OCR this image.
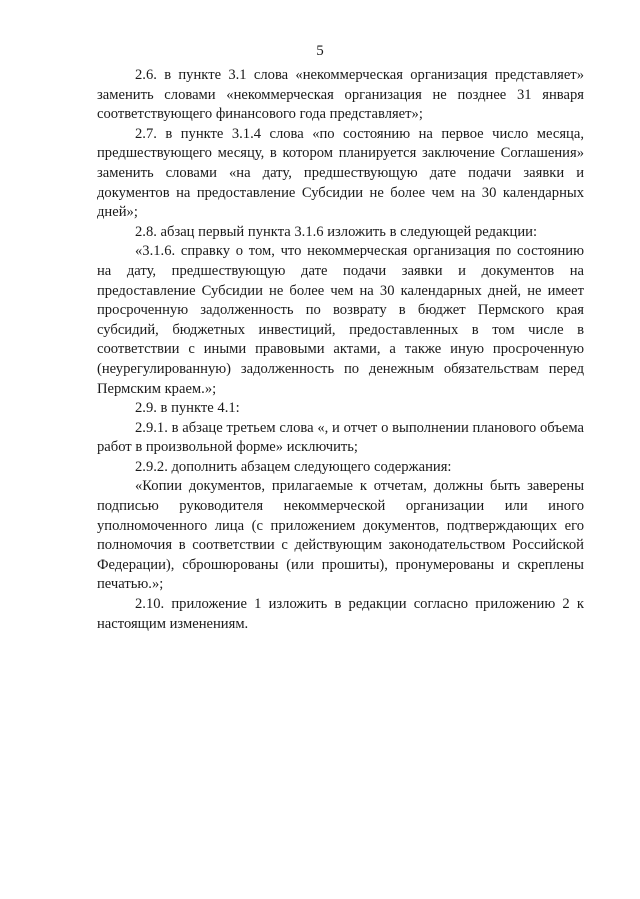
5

2.6. в пункте 3.1 слова «некоммерческая организация представляет» заменить словами «некоммерческая организация не позднее 31 января соответствующего финансового года представляет»;

2.7. в пункте 3.1.4 слова «по состоянию на первое число месяца, предшествующего месяцу, в котором планируется заключение Соглашения» заменить словами «на дату, предшествующую дате подачи заявки и документов на предоставление Субсидии не более чем на 30 календарных дней»;

2.8. абзац первый пункта 3.1.6 изложить в следующей редакции:

«3.1.6. справку о том, что некоммерческая организация по состоянию на дату, предшествующую дате подачи заявки и документов на предоставление Субсидии не более чем на 30 календарных дней, не имеет просроченную задолженность по возврату в бюджет Пермского края субсидий, бюджетных инвестиций, предоставленных в том числе в соответствии с иными правовыми актами, а также иную просроченную (неурегулированную) задолженность по денежным обязательствам перед Пермским краем.»;

2.9. в пункте 4.1:

2.9.1. в абзаце третьем слова «, и отчет о выполнении планового объема работ в произвольной форме» исключить;

2.9.2. дополнить абзацем следующего содержания:

«Копии документов, прилагаемые к отчетам, должны быть заверены подписью руководителя некоммерческой организации или иного уполномоченного лица (с приложением документов, подтверждающих его полномочия в соответствии с действующим законодательством Российской Федерации), сброшюрованы (или прошиты), пронумерованы и скреплены печатью.»;

2.10. приложение 1 изложить в редакции согласно приложению 2 к настоящим изменениям.
